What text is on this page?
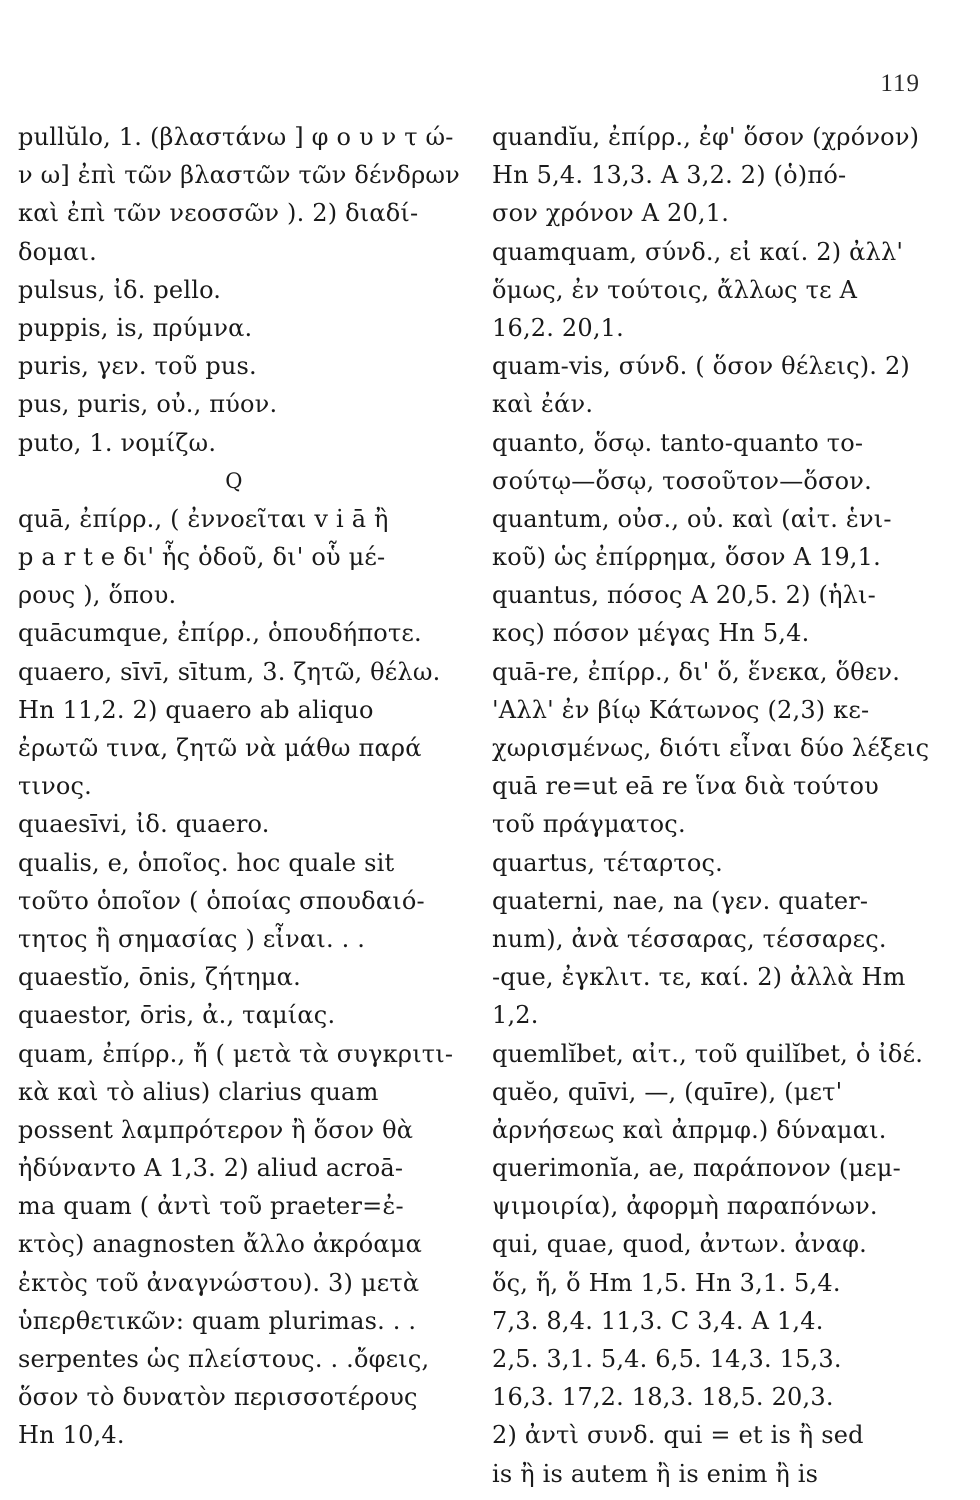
119
pullŭlo, 1. (βλαστάνω ] φ ο υ ν τ ώ-
ν ω] ἐπὶ τῶν βλαστῶν τῶν δένδρων
καὶ ἐπὶ τῶν νεοσσῶν ). 2) διαδί-
δομαι.
pulsus, ἰδ. pello.
puppis, is, πρύμνα.
puris, γεν. τοῦ pus.
pus, puris, οὐ., πύον.
puto, 1. νομίζω.
Q
quā, ἐπίρρ., ( ἐννοεῖται v i ā ἢ
p a r t e δι' ἧς ὁδοῦ, δι' οὗ μέ-
ρους ), ὅπου.
quācumque, ἐπίρρ., ὁπουδήποτε.
quaero, sīvī, sītum, 3. ζητῶ, θέλω.
Hn 11,2. 2) quaero ab aliquo
ἐρωτῶ τινα, ζητῶ νὰ μάθω παρά
τινος.
quaesīvi, ἰδ. quaero.
qualis, e, ὁποῖος. hoc quale sit
τοῦτο ὁποῖον ( ὁποίας σπουδαιό-
τητος ἢ σημασίας ) εἶναι. . .
quaestĭo, ōnis, ζήτημα.
quaestor, ōris, ἀ., ταμίας.
quam, ἐπίρρ., ἤ ( μετὰ τὰ συγκριτι-
κὰ καὶ τὸ alius) clarius quam
possent λαμπρότερον ἢ ὅσον θὰ
ἠδύναντο A 1,3. 2) aliud acroā-
ma quam ( ἀντὶ τοῦ praeter=ἐ-
κτὸς) anagnosten ἄλλο ἀκρόαμα
ἐκτὸς τοῦ ἀναγνώστου). 3) μετὰ
ὑπερθετικῶν: quam plurimas. . .
serpentes ὡς πλείστους. . .ὄφεις,
ὅσον τὸ δυνατὸν περισσοτέρους
Hn 10,4.
quandĭu, ἐπίρρ., ἐφ' ὅσον (χρόνον)
Hn 5,4. 13,3. A 3,2. 2) (ὁ)πό-
σον χρόνον A 20,1.
quamquam, σύνδ., εἰ καί. 2) ἀλλ'
ὅμως, ἐν τούτοις, ἄλλως τε A
16,2. 20,1.
quam-vis, σύνδ. ( ὅσον θέλεις). 2)
καὶ ἐάν.
quanto, ὅσῳ. tanto-quanto το-
σούτῳ—ὅσῳ, τοσοῦτον—ὅσον.
quantum, οὐσ., οὐ. καὶ (αἰτ. ἑνι-
κοῦ) ὡς ἐπίρρημα, ὅσον A 19,1.
quantus, πόσος A 20,5. 2) (ἡλι-
κος) πόσον μέγας Hn 5,4.
quā-re, ἐπίρρ., δι' ὅ, ἕνεκα, ὅθεν.
'Αλλ' ἐν βίῳ Κάτωνος (2,3) κε-
χωρισμένως, διότι εἶναι δύο λέξεις
quā re=ut eā re ἵνα διὰ τούτου
τοῦ πράγματος.
quartus, τέταρτος.
quaterni, nae, na (γεν. quater-
num), ἀνὰ τέσσαρας, τέσσαρες.
-que, ἐγκλιτ. τε, καί. 2) ἀλλὰ Hm
1,2.
quemlĭbet, αἰτ., τοῦ quilĭbet, ὁ ἰδέ.
quĕo, quīvi, —, (quīre), (μετ'
ἀρνήσεως καὶ ἀπρμφ.) δύναμαι.
querimonĭa, ae, παράπονον (μεμ-
ψιμοιρία), ἀφορμὴ παραπόνων.
qui, quae, quod, ἀντων. ἀναφ.
ὅς, ἥ, ὅ Hm 1,5. Hn 3,1. 5,4.
7,3. 8,4. 11,3. C 3,4. A 1,4.
2,5. 3,1. 5,4. 6,5. 14,3. 15,3.
16,3. 17,2. 18,3. 18,5. 20,3.
2) ἀντὶ συνδ. qui = et is ἢ sed
is ἢ is autem ἢ is enim ἢ is
